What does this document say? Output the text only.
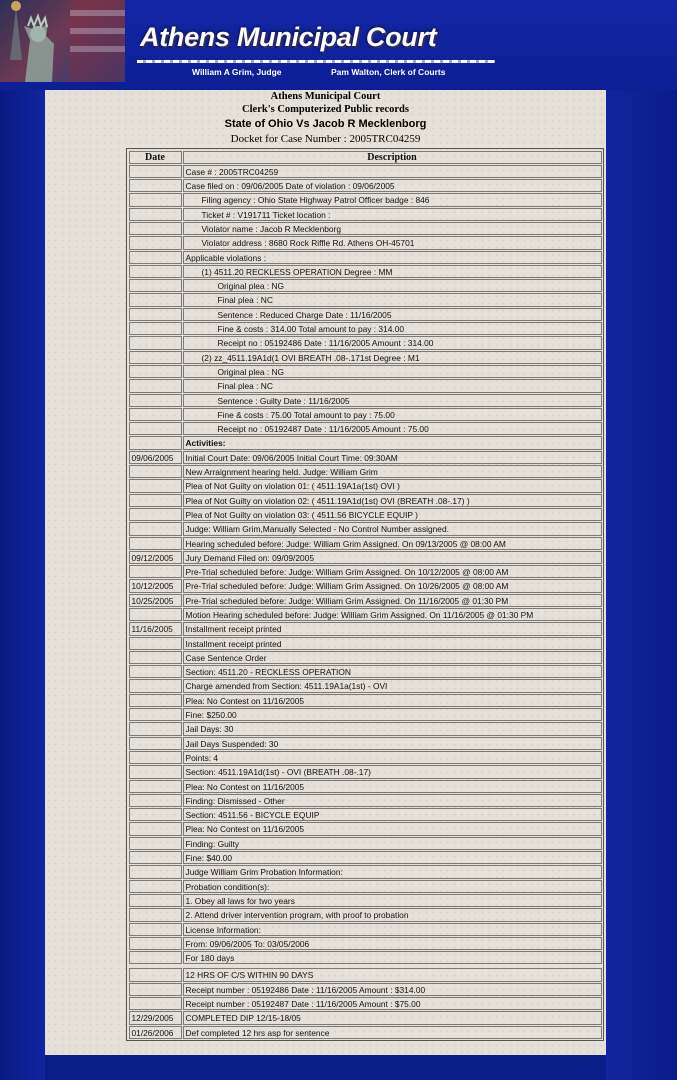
Athens Municipal Court
William A Grim, Judge	Pam Walton, Clerk of Courts
Athens Municipal Court
Clerk's Computerized Public records
State of Ohio Vs Jacob R Mecklenborg
Docket for Case Number : 2005TRC04259
Date	Description
Case # : 2005TRC04259
Case filed on : 09/06/2005 Date of violation : 09/06/2005
Filing agency : Ohio State Highway Patrol Officer badge : 846
Ticket # : V191711 Ticket location :
Violator name : Jacob R Mecklenborg
Violator address : 8680 Rock Riffle Rd. Athens OH-45701
Applicable violations :
(1) 4511.20 RECKLESS OPERATION Degree : MM
Original plea : NG
Final plea : NC
Sentence : Reduced Charge Date : 11/16/2005
Fine & costs : 314.00 Total amount to pay : 314.00
Receipt no : 05192486 Date : 11/16/2005 Amount : 314.00
(2) zz_4511.19A1d(1 OVI BREATH .08-.171st Degree : M1
Original plea : NG
Final plea : NC
Sentence : Guilty Date : 11/16/2005
Fine & costs : 75.00 Total amount to pay : 75.00
Receipt no : 05192487 Date : 11/16/2005 Amount : 75.00
Activities:
09/06/2005	Initial Court Date: 09/06/2005 Initial Court Time: 09:30AM
New Arraignment hearing held. Judge: William Grim
Plea of Not Guilty on violation 01: ( 4511.19A1a(1st) OVI )
Plea of Not Guilty on violation 02: ( 4511.19A1d(1st) OVI (BREATH .08-.17) )
Plea of Not Guilty on violation 03: ( 4511.56 BICYCLE EQUIP )
Judge: William Grim,Manually Selected - No Control Number assigned.
Hearing scheduled before: Judge: William Grim Assigned. On 09/13/2005 @ 08:00 AM
09/12/2005	Jury Demand Filed on: 09/09/2005
Pre-Trial scheduled before: Judge: William Grim Assigned. On 10/12/2005 @ 08:00 AM
10/12/2005	Pre-Trial scheduled before: Judge: William Grim Assigned. On 10/26/2005 @ 08:00 AM
10/25/2005	Pre-Trial scheduled before: Judge: William Grim Assigned. On 11/16/2005 @ 01:30 PM
Motion Hearing scheduled before: Judge: William Grim Assigned. On 11/16/2005 @ 01:30 PM
11/16/2005	Installment receipt printed
Installment receipt printed
Case Sentence Order
Section: 4511.20 - RECKLESS OPERATION
Charge amended from Section: 4511.19A1a(1st) - OVI
Plea: No Contest on 11/16/2005
Fine: $250.00
Jail Days: 30
Jail Days Suspended: 30
Points: 4
Section: 4511.19A1d(1st) - OVI (BREATH .08-.17)
Plea: No Contest on 11/16/2005
Finding: Dismissed - Other
Section: 4511.56 - BICYCLE EQUIP
Plea: No Contest on 11/16/2005
Finding: Guilty
Fine: $40.00
Judge William Grim Probation Information:
Probation condition(s):
1. Obey all laws for two years
2. Attend driver intervention program, with proof to probation
License Information:
From: 09/06/2005 To: 03/05/2006
For 180 days
12 HRS OF C/S WITHIN 90 DAYS
Receipt number : 05192486 Date : 11/16/2005 Amount : $314.00
Receipt number : 05192487 Date : 11/16/2005 Amount : $75.00
12/29/2005	COMPLETED DIP 12/15-18/05
01/26/2006	Def completed 12 hrs asp for sentence
